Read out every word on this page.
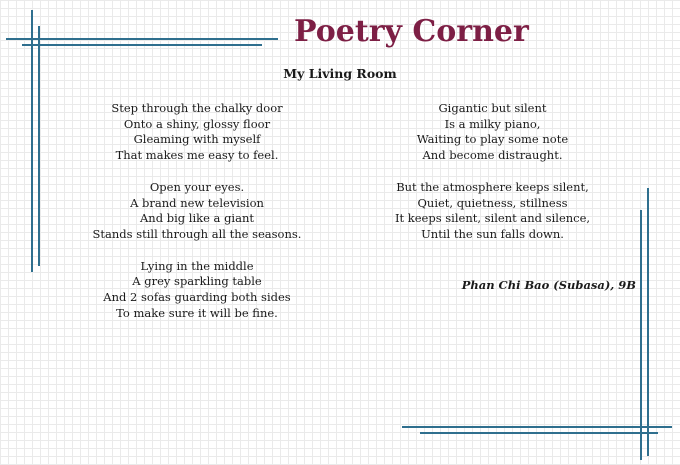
Poetry Corner
My Living Room
Step through the chalky door
Onto a shiny, glossy floor
Gleaming with myself
That makes me easy to feel.
Open your eyes.
A brand new television
And big like a giant
Stands still through all the seasons.
Lying in the middle
A grey sparkling table
And 2 sofas guarding both sides
To make sure it will be fine.
Gigantic but silent
Is a milky piano,
Waiting to play some note
And become distraught.
But the atmosphere keeps silent,
Quiet, quietness, stillness
It keeps silent, silent and silence,
Until the sun falls down.
Phan Chi Bao (Subasa), 9B
